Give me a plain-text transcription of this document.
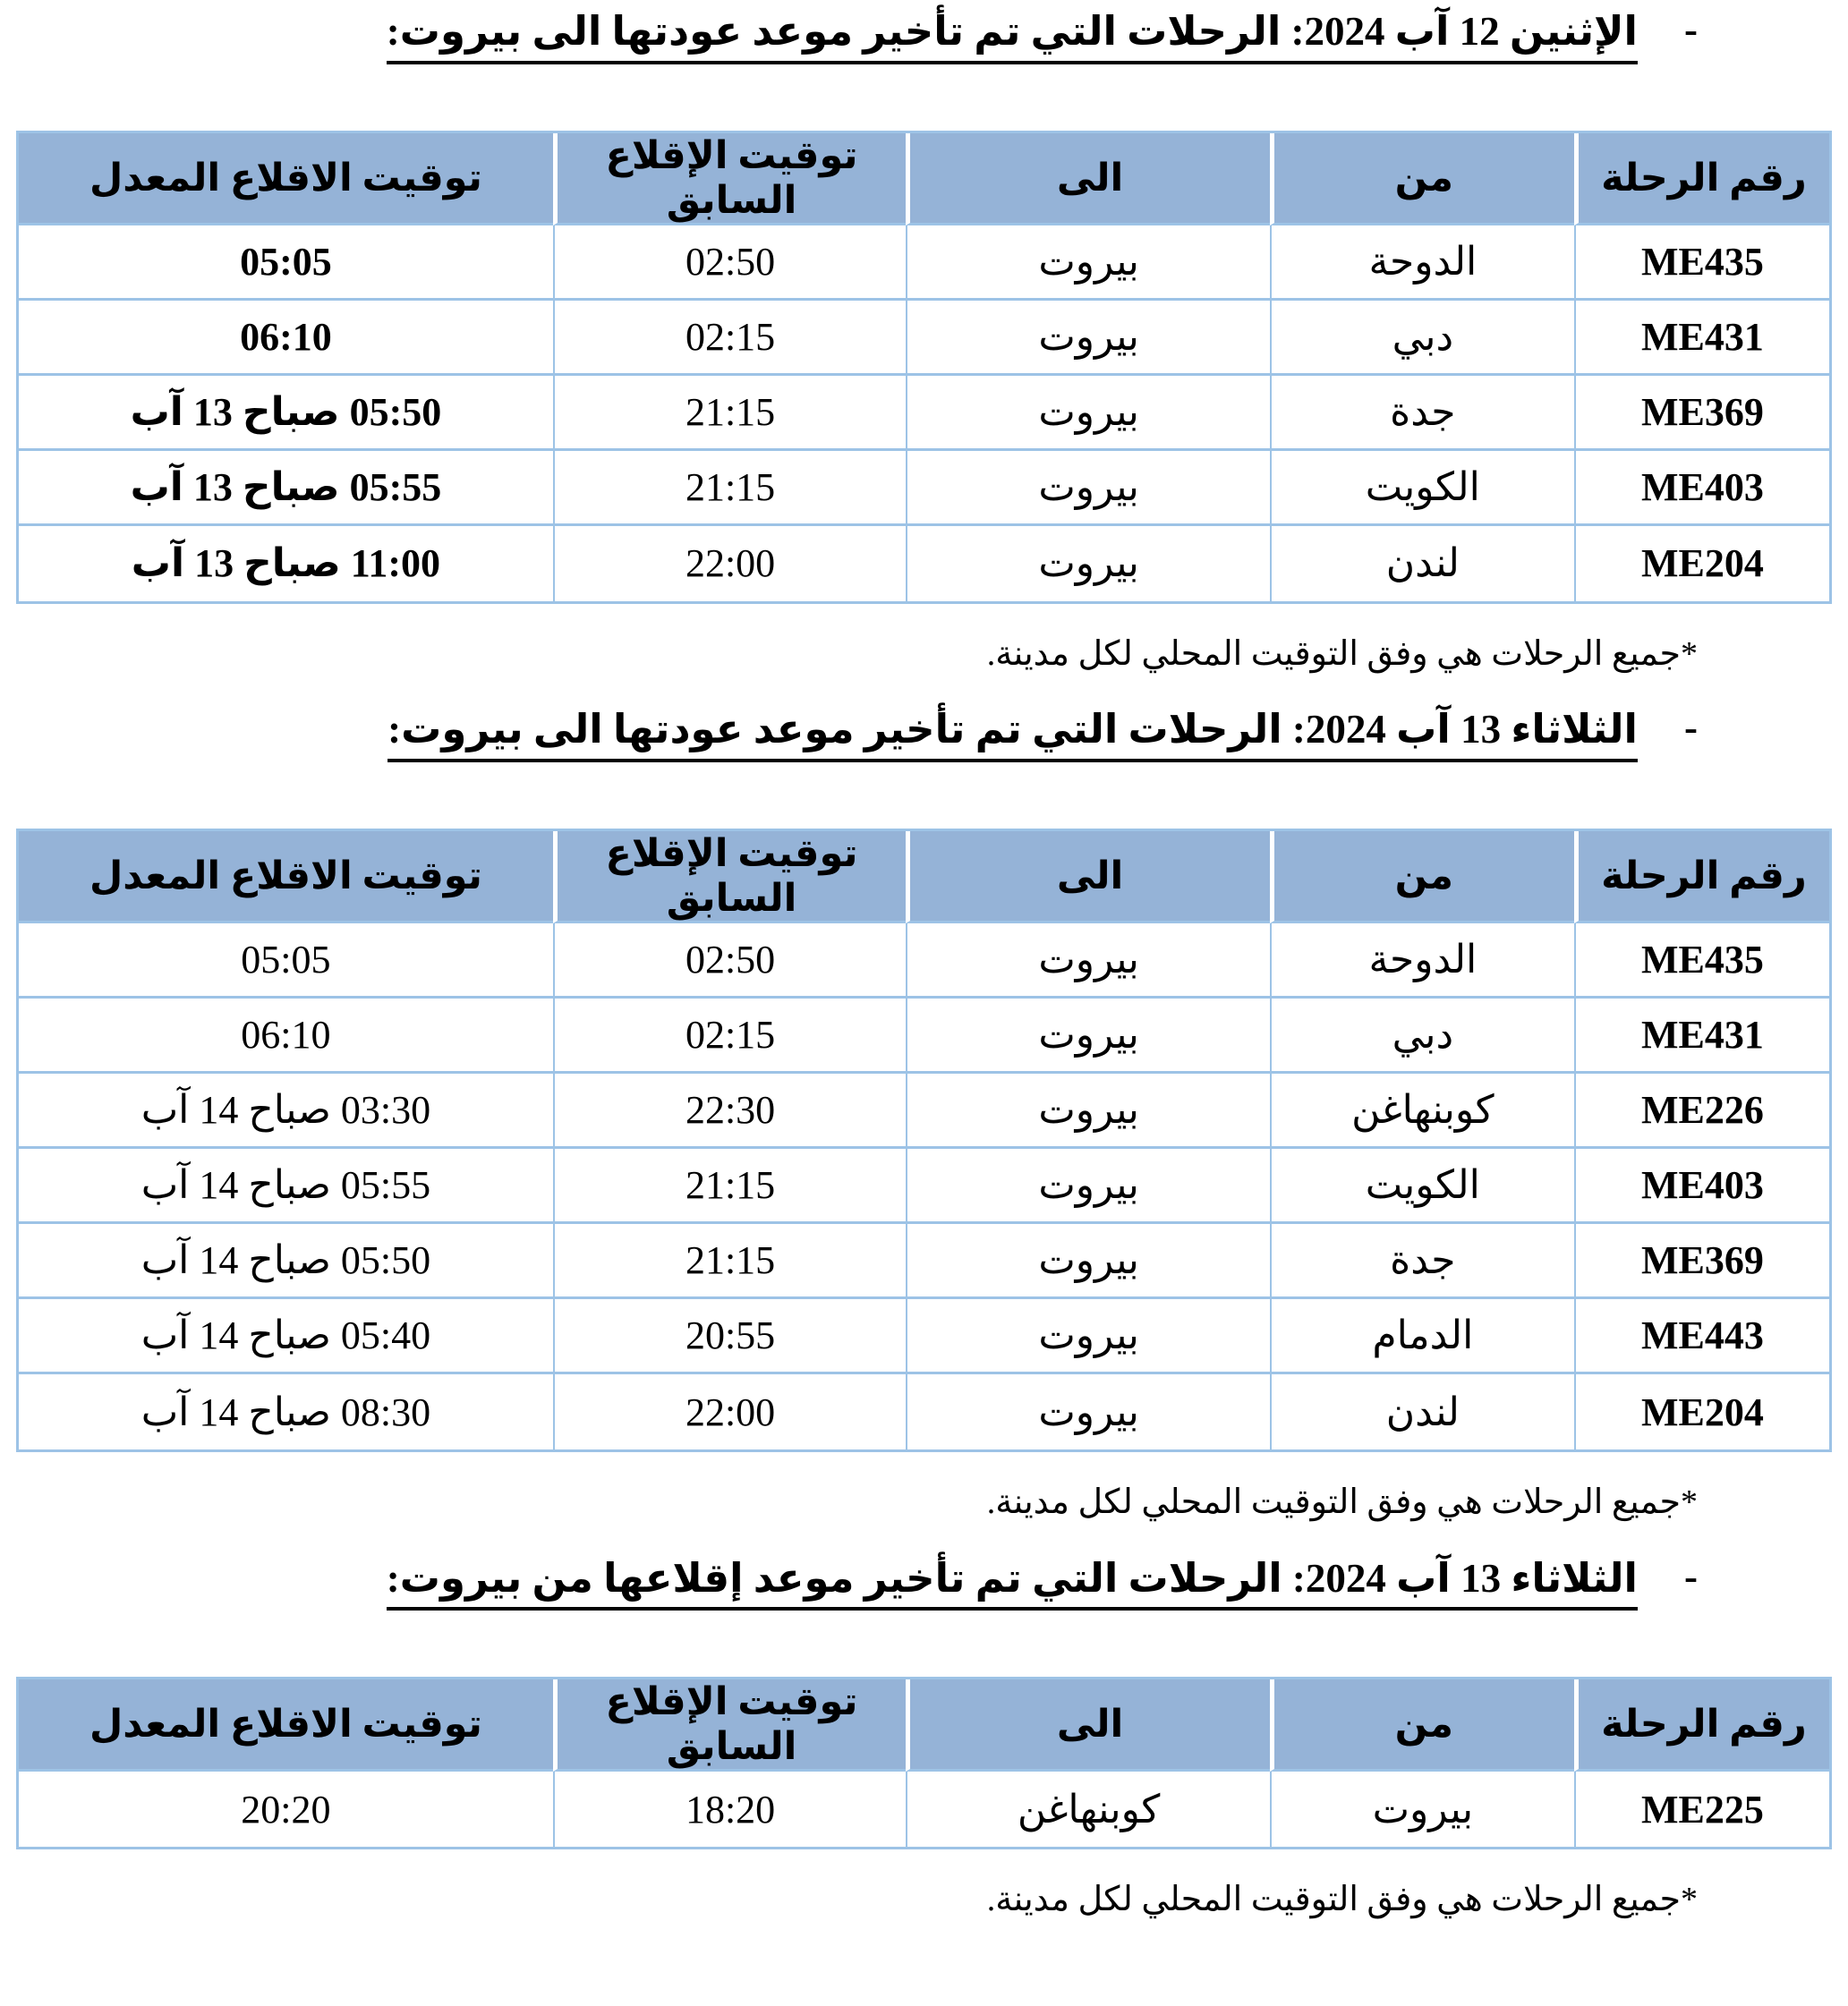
-
الإثنين 12 آب 2024: الرحلات التي تم تأخير موعد عودتها الى بيروت:
رقم الرحلة	من	الى	توقيت الإقلاع السابق	توقيت الاقلاع المعدل
ME435	الدوحة	بيروت	02:50	05:05
ME431	دبي	بيروت	02:15	06:10
ME369	جدة	بيروت	21:15	05:50 صباح 13 آب
ME403	الكويت	بيروت	21:15	05:55 صباح 13 آب
ME204	لندن	بيروت	22:00	11:00 صباح 13 آب

*جميع الرحلات هي وفق التوقيت المحلي لكل مدينة.

-
الثلاثاء 13 آب 2024: الرحلات التي تم تأخير موعد عودتها الى بيروت:
رقم الرحلة	من	الى	توقيت الإقلاع السابق	توقيت الاقلاع المعدل
ME435	الدوحة	بيروت	02:50	05:05
ME431	دبي	بيروت	02:15	06:10
ME226	كوبنهاغن	بيروت	22:30	03:30 صباح 14 آب
ME403	الكويت	بيروت	21:15	05:55 صباح 14 آب
ME369	جدة	بيروت	21:15	05:50 صباح 14 آب
ME443	الدمام	بيروت	20:55	05:40 صباح 14 آب
ME204	لندن	بيروت	22:00	08:30 صباح 14 آب

*جميع الرحلات هي وفق التوقيت المحلي لكل مدينة.

-
الثلاثاء 13 آب 2024: الرحلات التي تم تأخير موعد إقلاعها من بيروت:
رقم الرحلة	من	الى	توقيت الإقلاع السابق	توقيت الاقلاع المعدل
ME225	بيروت	كوبنهاغن	18:20	20:20

*جميع الرحلات هي وفق التوقيت المحلي لكل مدينة.
